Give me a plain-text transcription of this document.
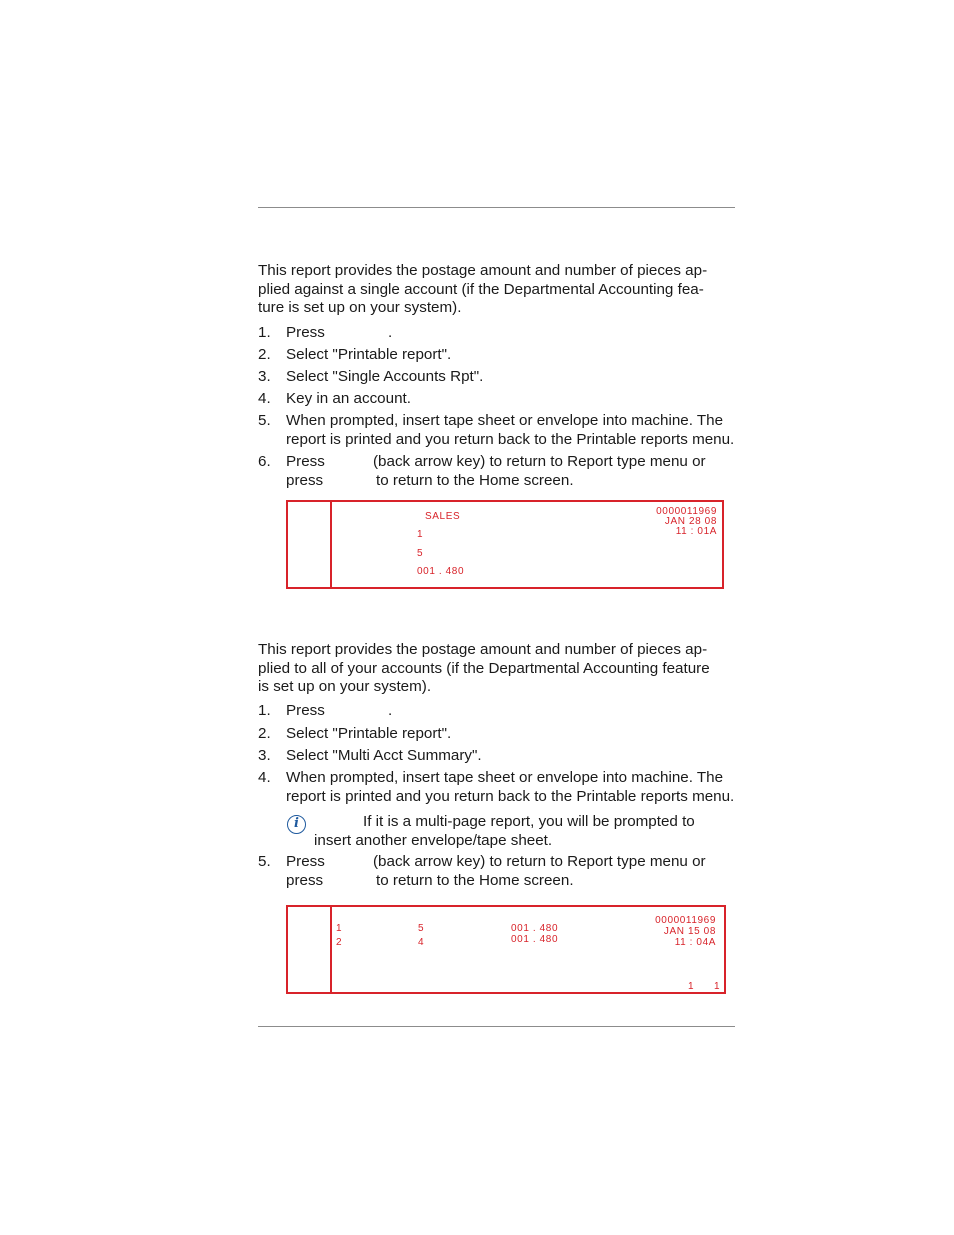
This report provides the postage amount and number of pieces ap-
plied against a single account (if the Departmental Accounting fea-
ture is set up on your system).

1. Press	.
2. Select "Printable report".
3. Select "Single Accounts Rpt".
4. Key in an account.
5. When prompted, insert tape sheet or envelope into machine. The
report is printed and you return back to the Printable reports menu.
6. Press	(back arrow key) to return to Report type menu or
press	to return to the Home screen.
SALES
1
5
001 . 480
0000011969
JAN 28 08
11 : 01A

This report provides the postage amount and number of pieces ap-
plied to all of your accounts (if the Departmental Accounting feature
is set up on your system).

1. Press	.
2. Select "Printable report".
3. Select "Multi Acct Summary".
4. When prompted, insert tape sheet or envelope into machine. The
report is printed and you return back to the Printable reports menu.
i	If it is a multi-page report, you will be prompted to
insert another envelope/tape sheet.
5. Press	(back arrow key) to return to Report type menu or
press	to return to the Home screen.
1	5	001 . 480
2	4	001 . 480
0000011969
JAN 15 08
11 : 04A
1 1
